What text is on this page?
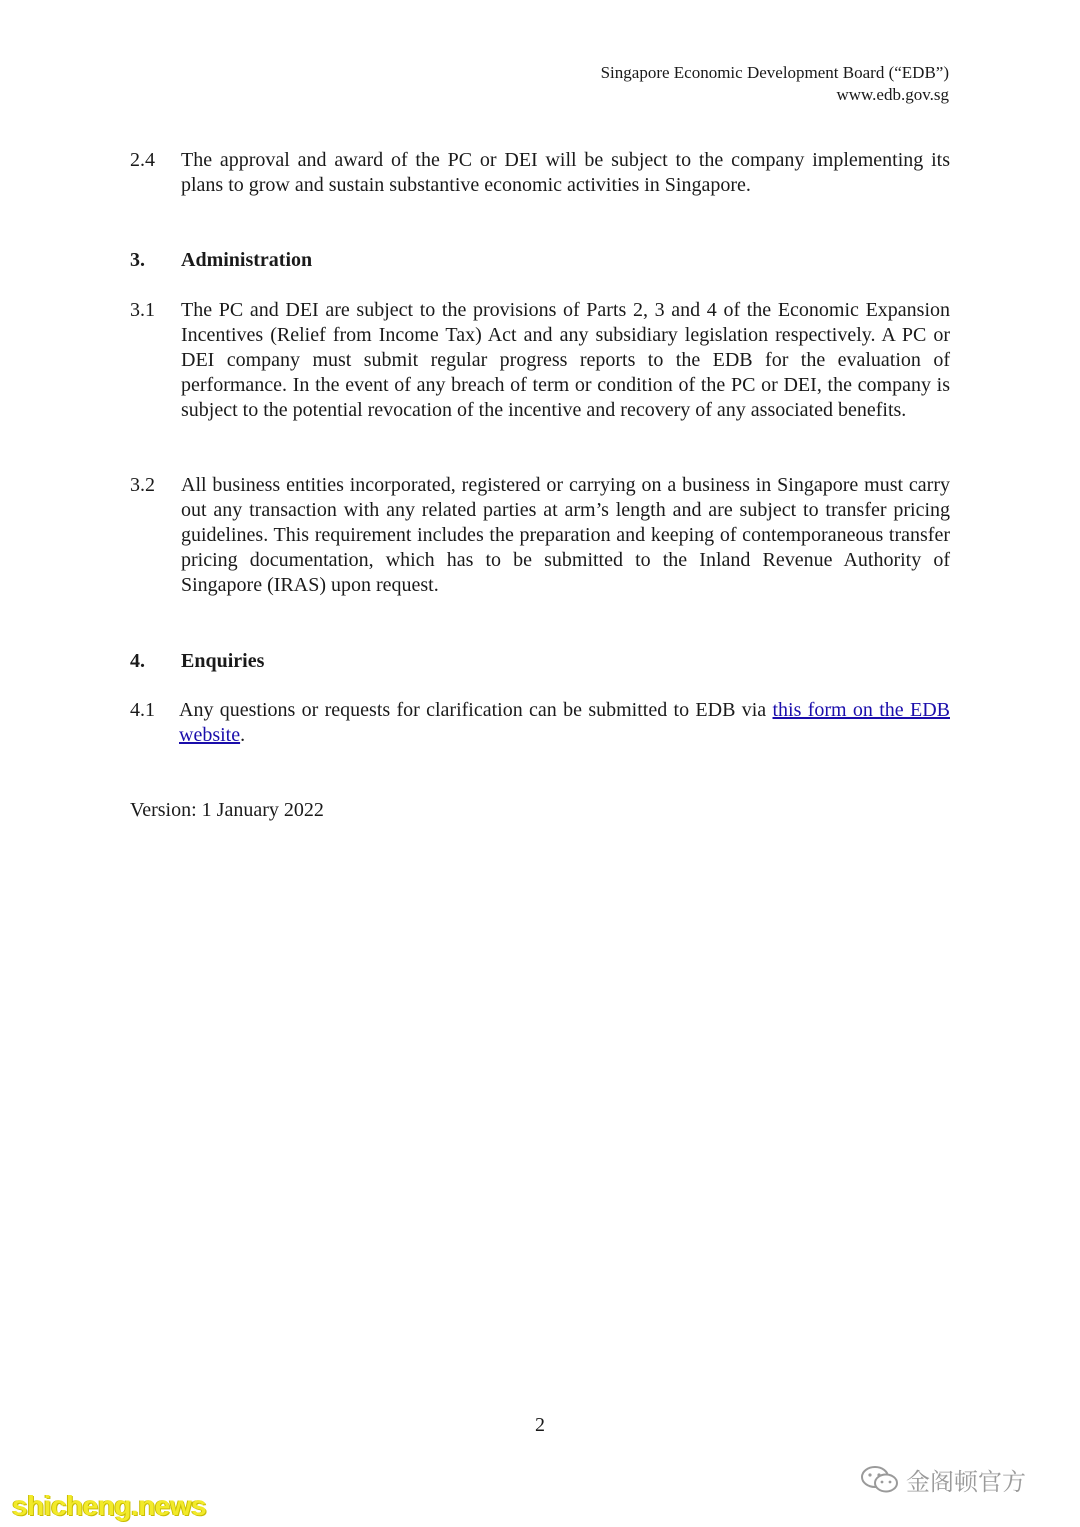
Singapore Economic Development Board (“EDB”)
www.edb.gov.sg
2.4 The approval and award of the PC or DEI will be subject to the company implementing its plans to grow and sustain substantive economic activities in Singapore.
3. Administration
3.1 The PC and DEI are subject to the provisions of Parts 2, 3 and 4 of the Economic Expansion Incentives (Relief from Income Tax) Act and any subsidiary legislation respectively. A PC or DEI company must submit regular progress reports to the EDB for the evaluation of performance. In the event of any breach of term or condition of the PC or DEI, the company is subject to the potential revocation of the incentive and recovery of any associated benefits.
3.2 All business entities incorporated, registered or carrying on a business in Singapore must carry out any transaction with any related parties at arm’s length and are subject to transfer pricing guidelines. This requirement includes the preparation and keeping of contemporaneous transfer pricing documentation, which has to be submitted to the Inland Revenue Authority of Singapore (IRAS) upon request.
4. Enquiries
4.1 Any questions or requests for clarification can be submitted to EDB via this form on the EDB website.
Version: 1 January 2022
2
shicheng.news
金阁顿官方
